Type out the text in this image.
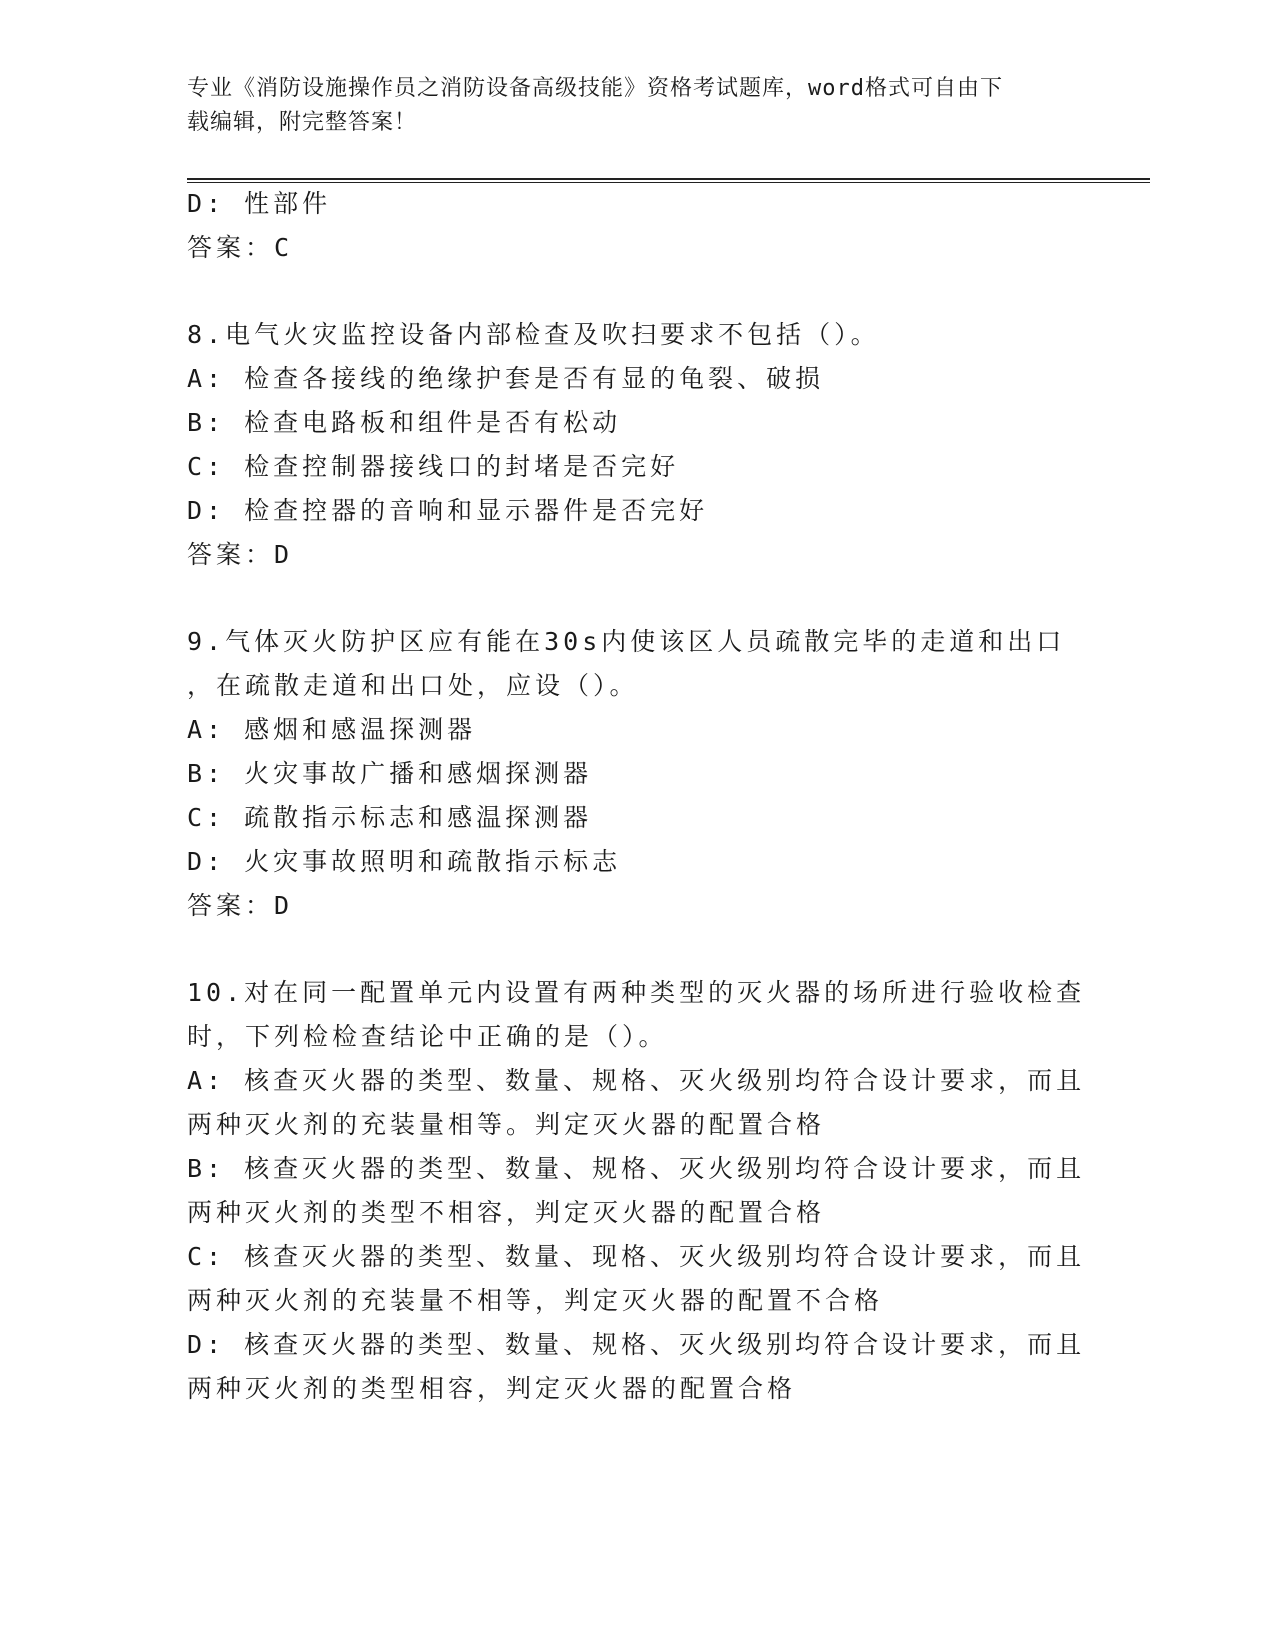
专业《消防设施操作员之消防设备高级技能》资格考试题库，word格式可自由下
载编辑，附完整答案！
D: 性部件
答案：C
8.电气火灾监控设备内部检查及吹扫要求不包括（）。
A: 检查各接线的绝缘护套是否有显的龟裂、破损
B: 检查电路板和组件是否有松动
C: 检查控制器接线口的封堵是否完好
D: 检查控器的音响和显示器件是否完好
答案：D
9.气体灭火防护区应有能在30s内使该区人员疏散完毕的走道和出口
，在疏散走道和出口处，应设（）。
A: 感烟和感温探测器
B: 火灾事故广播和感烟探测器
C: 疏散指示标志和感温探测器
D: 火灾事故照明和疏散指示标志
答案：D
10.对在同一配置单元内设置有两种类型的灭火器的场所进行验收检查
时，下列检检查结论中正确的是（）。
A: 核查灭火器的类型、数量、规格、灭火级别均符合设计要求，而且
两种灭火剂的充装量相等。判定灭火器的配置合格
B: 核查灭火器的类型、数量、规格、灭火级别均符合设计要求，而且
两种灭火剂的类型不相容，判定灭火器的配置合格
C: 核查灭火器的类型、数量、现格、灭火级别均符合设计要求，而且
两种灭火剂的充装量不相等，判定灭火器的配置不合格
D: 核查灭火器的类型、数量、规格、灭火级别均符合设计要求，而且
两种灭火剂的类型相容，判定灭火器的配置合格
